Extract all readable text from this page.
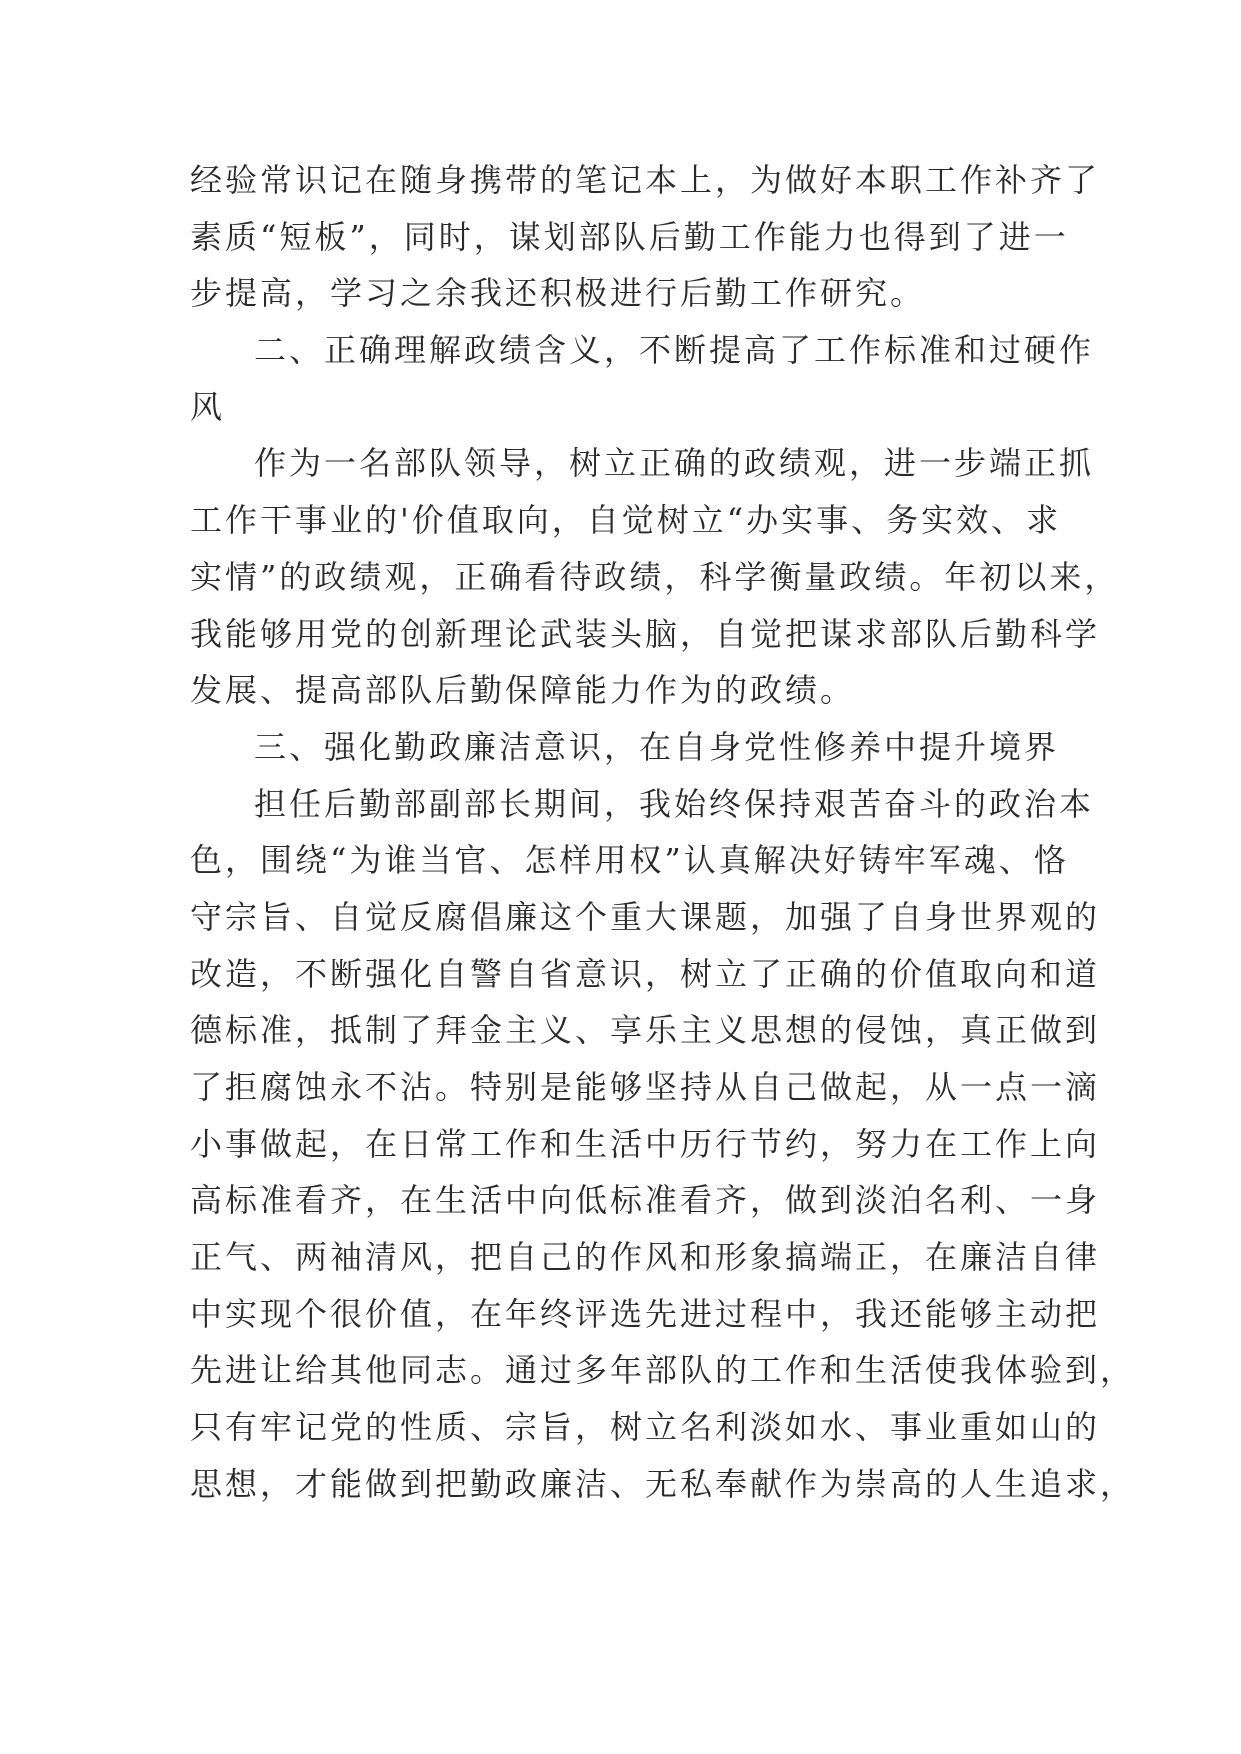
经验常识记在随身携带的笔记本上，为做好本职工作补齐了
素质“短板”，同时，谋划部队后勤工作能力也得到了进一
步提高，学习之余我还积极进行后勤工作研究。
二、正确理解政绩含义，不断提高了工作标准和过硬作
风
作为一名部队领导，树立正确的政绩观，进一步端正抓
工作干事业的'价值取向，自觉树立“办实事、务实效、求
实情”的政绩观，正确看待政绩，科学衡量政绩。年初以来，
我能够用党的创新理论武装头脑，自觉把谋求部队后勤科学
发展、提高部队后勤保障能力作为的政绩。
三、强化勤政廉洁意识，在自身党性修养中提升境界
担任后勤部副部长期间，我始终保持艰苦奋斗的政治本
色，围绕“为谁当官、怎样用权”认真解决好铸牢军魂、恪
守宗旨、自觉反腐倡廉这个重大课题，加强了自身世界观的
改造，不断强化自警自省意识，树立了正确的价值取向和道
德标准，抵制了拜金主义、享乐主义思想的侵蚀，真正做到
了拒腐蚀永不沾。特别是能够坚持从自己做起，从一点一滴
小事做起，在日常工作和生活中历行节约，努力在工作上向
高标准看齐，在生活中向低标准看齐，做到淡泊名利、一身
正气、两袖清风，把自己的作风和形象搞端正，在廉洁自律
中实现个很价值，在年终评选先进过程中，我还能够主动把
先进让给其他同志。通过多年部队的工作和生活使我体验到，
只有牢记党的性质、宗旨，树立名利淡如水、事业重如山的
思想，才能做到把勤政廉洁、无私奉献作为崇高的人生追求，
